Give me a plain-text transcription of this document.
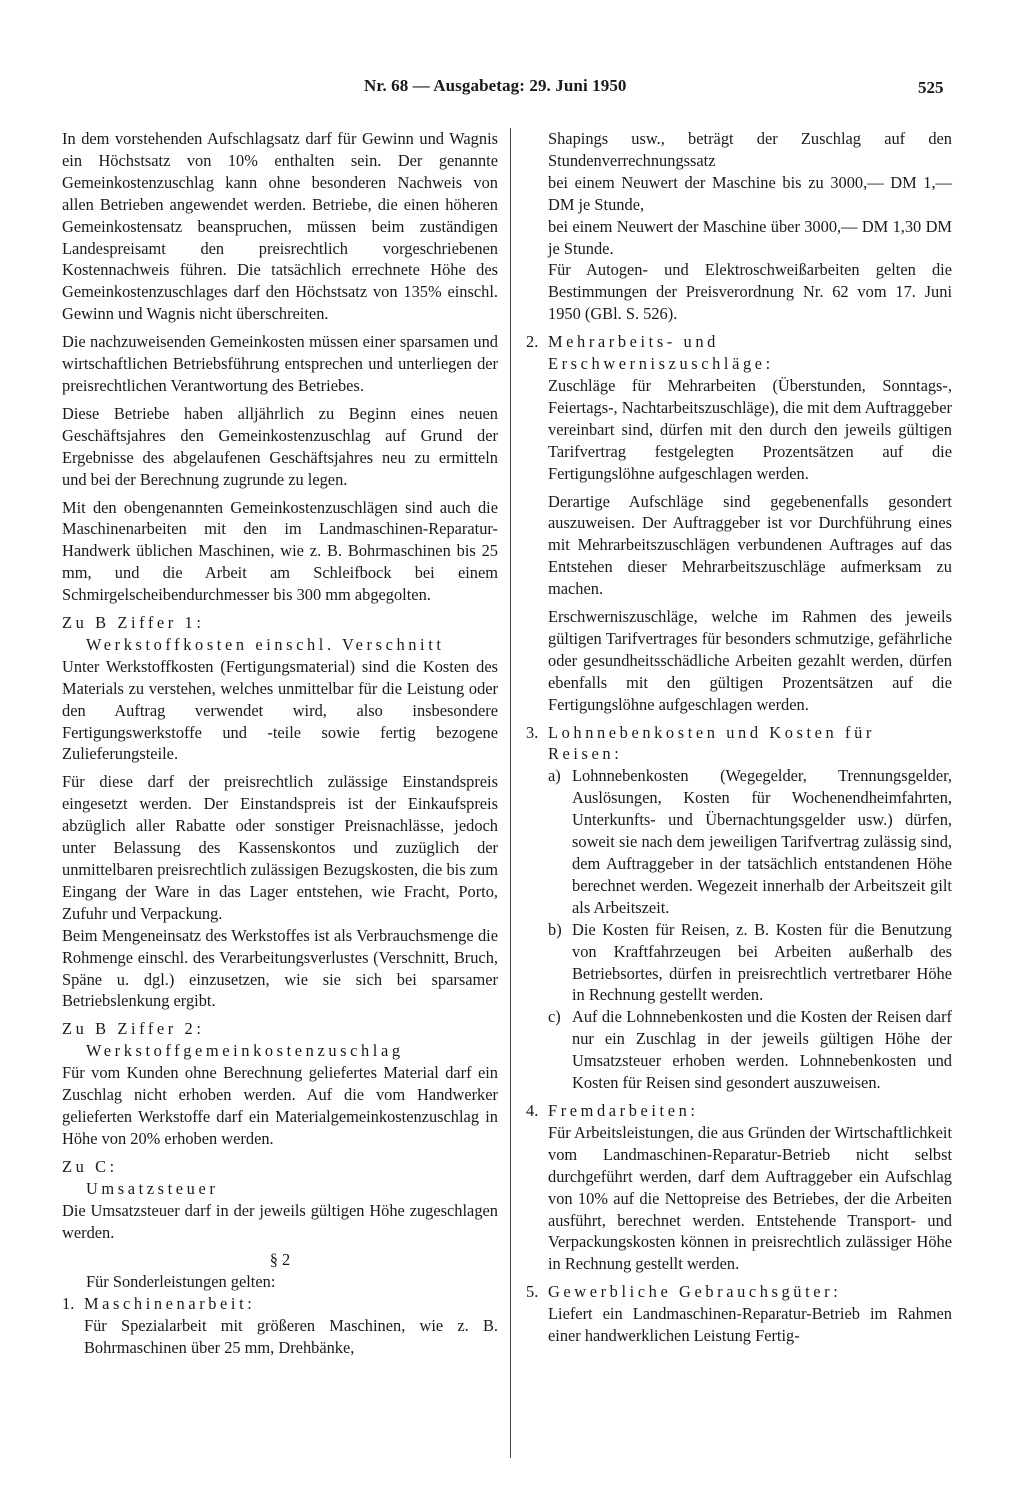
Nr. 68 — Ausgabetag: 29. Juni 1950	525

In dem vorstehenden Aufschlagsatz darf für Gewinn und Wagnis ein Höchstsatz von 10% enthalten sein. Der genannte Gemeinkostenzuschlag kann ohne besonderen Nachweis von allen Betrieben angewendet werden. Betriebe, die einen höheren Gemeinkostensatz beanspruchen, müssen beim zuständigen Landespreisamt den preisrechtlich vorgeschriebenen Kostennachweis führen. Die tatsächlich errechnete Höhe des Gemeinkostenzuschlages darf den Höchstsatz von 135% einschl. Gewinn und Wagnis nicht überschreiten.

Die nachzuweisenden Gemeinkosten müssen einer sparsamen und wirtschaftlichen Betriebsführung entsprechen und unterliegen der preisrechtlichen Verantwortung des Betriebes.

Diese Betriebe haben alljährlich zu Beginn eines neuen Geschäftsjahres den Gemeinkostenzuschlag auf Grund der Ergebnisse des abgelaufenen Geschäftsjahres neu zu ermitteln und bei der Berechnung zugrunde zu legen.

Mit den obengenannten Gemeinkostenzuschlägen sind auch die Maschinenarbeiten mit den im Landmaschinen-Reparatur-Handwerk üblichen Maschinen, wie z. B. Bohrmaschinen bis 25 mm, und die Arbeit am Schleifbock bei einem Schmirgelscheibendurchmesser bis 300 mm abgegolten.

Zu B Ziffer 1:

Werkstoffkosten einschl. Verschnitt

Unter Werkstoffkosten (Fertigungsmaterial) sind die Kosten des Materials zu verstehen, welches unmittelbar für die Leistung oder den Auftrag verwendet wird, also insbesondere Fertigungswerkstoffe und -teile sowie fertig bezogene Zulieferungsteile.

Für diese darf der preisrechtlich zulässige Einstandspreis eingesetzt werden. Der Einstandspreis ist der Einkaufspreis abzüglich aller Rabatte oder sonstiger Preisnachlässe, jedoch unter Belassung des Kassenskontos und zuzüglich der unmittelbaren preisrechtlich zulässigen Bezugskosten, die bis zum Eingang der Ware in das Lager entstehen, wie Fracht, Porto, Zufuhr und Verpackung.

Beim Mengeneinsatz des Werkstoffes ist als Verbrauchsmenge die Rohmenge einschl. des Verarbeitungsverlustes (Verschnitt, Bruch, Späne u. dgl.) einzusetzen, wie sie sich bei sparsamer Betriebslenkung ergibt.

Zu B Ziffer 2:

Werkstoffgemeinkostenzuschlag

Für vom Kunden ohne Berechnung geliefertes Material darf ein Zuschlag nicht erhoben werden. Auf die vom Handwerker gelieferten Werkstoffe darf ein Materialgemeinkostenzuschlag in Höhe von 20% erhoben werden.

Zu C:

Umsatzsteuer

Die Umsatzsteuer darf in der jeweils gültigen Höhe zugeschlagen werden.

§ 2

Für Sonderleistungen gelten:

1. Maschinenarbeit:

Für Spezialarbeit mit größeren Maschinen, wie z. B. Bohrmaschinen über 25 mm, Drehbänke,

Shapings usw., beträgt der Zuschlag auf den Stundenverrechnungssatz

bei einem Neuwert der Maschine bis zu 3000,— DM 1,— DM je Stunde,

bei einem Neuwert der Maschine über 3000,— DM 1,30 DM je Stunde.

Für Autogen- und Elektroschweißarbeiten gelten die Bestimmungen der Preisverordnung Nr. 62 vom 17. Juni 1950 (GBl. S. 526).

2. Mehrarbeits- und Erschwerniszuschläge:

Zuschläge für Mehrarbeiten (Überstunden, Sonntags-, Feiertags-, Nachtarbeitszuschläge), die mit dem Auftraggeber vereinbart sind, dürfen mit den durch den jeweils gültigen Tarifvertrag festgelegten Prozentsätzen auf die Fertigungslöhne aufgeschlagen werden.

Derartige Aufschläge sind gegebenenfalls gesondert auszuweisen. Der Auftraggeber ist vor Durchführung eines mit Mehrarbeitszuschlägen verbundenen Auftrages auf das Entstehen dieser Mehrarbeitszuschläge aufmerksam zu machen.

Erschwerniszuschläge, welche im Rahmen des jeweils gültigen Tarifvertrages für besonders schmutzige, gefährliche oder gesundheitsschädliche Arbeiten gezahlt werden, dürfen ebenfalls mit den gültigen Prozentsätzen auf die Fertigungslöhne aufgeschlagen werden.

3. Lohnnebenkosten und Kosten für Reisen:

a) Lohnnebenkosten (Wegegelder, Trennungsgelder, Auslösungen, Kosten für Wochenendheimfahrten, Unterkunfts- und Übernachtungsgelder usw.) dürfen, soweit sie nach dem jeweiligen Tarifvertrag zulässig sind, dem Auftraggeber in der tatsächlich entstandenen Höhe berechnet werden. Wegezeit innerhalb der Arbeitszeit gilt als Arbeitszeit.

b) Die Kosten für Reisen, z. B. Kosten für die Benutzung von Kraftfahrzeugen bei Arbeiten außerhalb des Betriebsortes, dürfen in preisrechtlich vertretbarer Höhe in Rechnung gestellt werden.

c) Auf die Lohnnebenkosten und die Kosten der Reisen darf nur ein Zuschlag in der jeweils gültigen Höhe der Umsatzsteuer erhoben werden. Lohnnebenkosten und Kosten für Reisen sind gesondert auszuweisen.

4. Fremdarbeiten:

Für Arbeitsleistungen, die aus Gründen der Wirtschaftlichkeit vom Landmaschinen-Reparatur-Betrieb nicht selbst durchgeführt werden, darf dem Auftraggeber ein Aufschlag von 10% auf die Nettopreise des Betriebes, der die Arbeiten ausführt, berechnet werden. Entstehende Transport- und Verpackungskosten können in preisrechtlich zulässiger Höhe in Rechnung gestellt werden.

5. Gewerbliche Gebrauchsgüter:

Liefert ein Landmaschinen-Reparatur-Betrieb im Rahmen einer handwerklichen Leistung Fertig-
